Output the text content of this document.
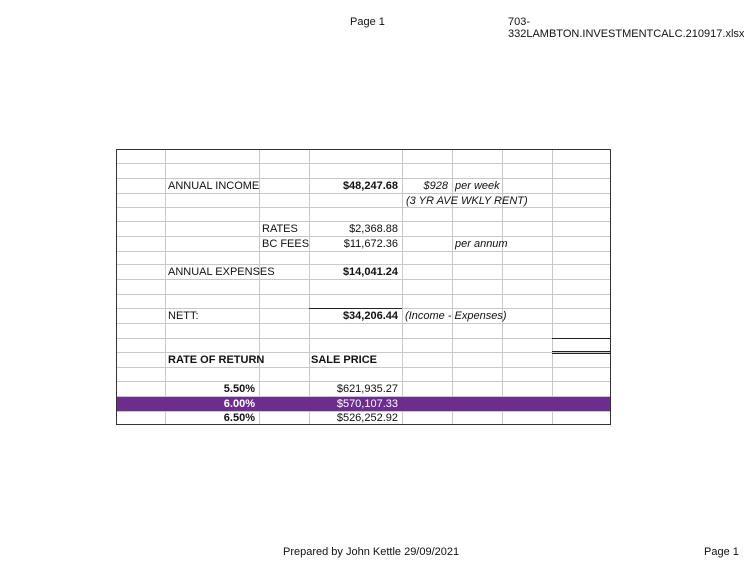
Page 1	703-332LAMBTON.INVESTMENTCALC.210917.xlsx
ANNUAL INCOME	$48,247.68	$928 per week
(3 YR AVE WKLY RENT)
RATES	$2,368.88
BC FEES	$11,672.36	per annum
ANNUAL EXPENSES	$14,041.24
NETT:	$34,206.44 (Income - Expenses)
RATE OF RETURN	SALE PRICE
5.50%	$621,935.27
6.00%	$570,107.33
6.50%	$526,252.92
Prepared by John Kettle 29/09/2021	Page 1
